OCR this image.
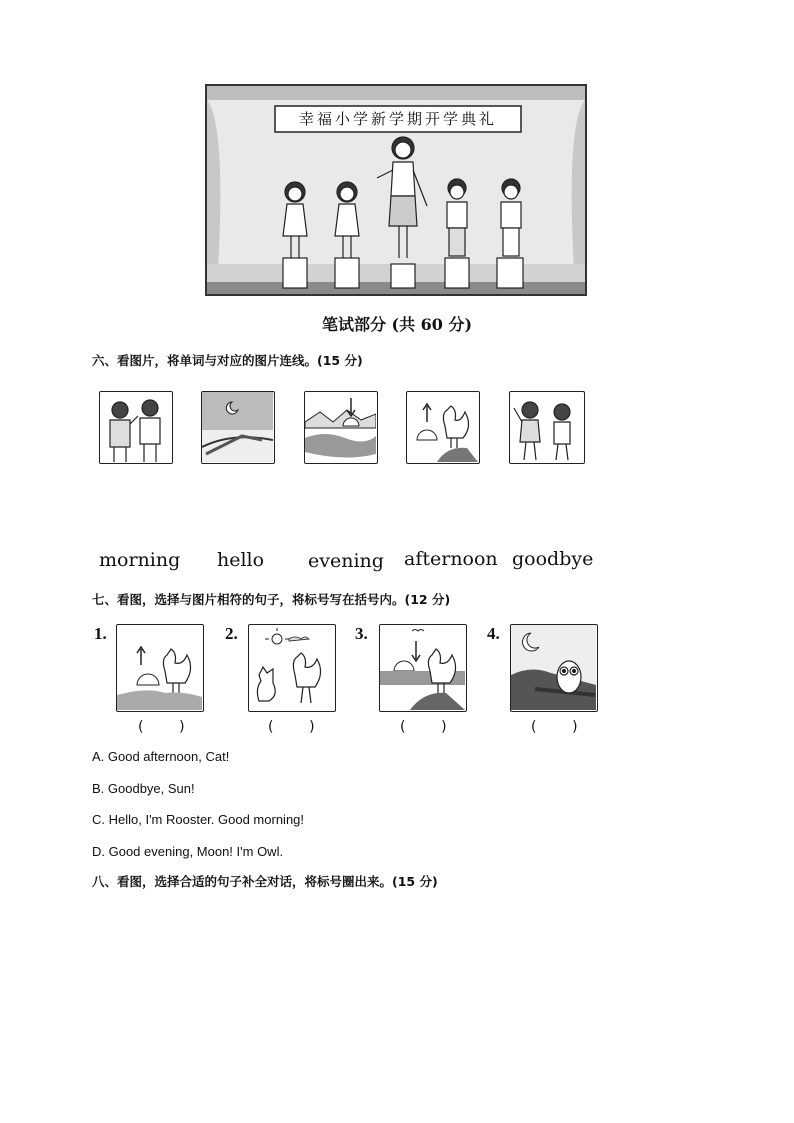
幸福小学新学期开学典礼
笔试部分 (共 60 分)
六、看图片，将单词与对应的图片连线。(15 分)
morning hello evening afternoon goodbye
七、看图，选择与图片相符的句子，将标号写在括号内。(12 分)
1.
(        )
2.
(        )
3.
(        )
4.
(        )
A. Good afternoon, Cat!
B. Goodbye, Sun!
C. Hello, I'm Rooster. Good morning!
D. Good evening, Moon! I'm Owl.
八、看图，选择合适的句子补全对话，将标号圈出来。(15 分)
